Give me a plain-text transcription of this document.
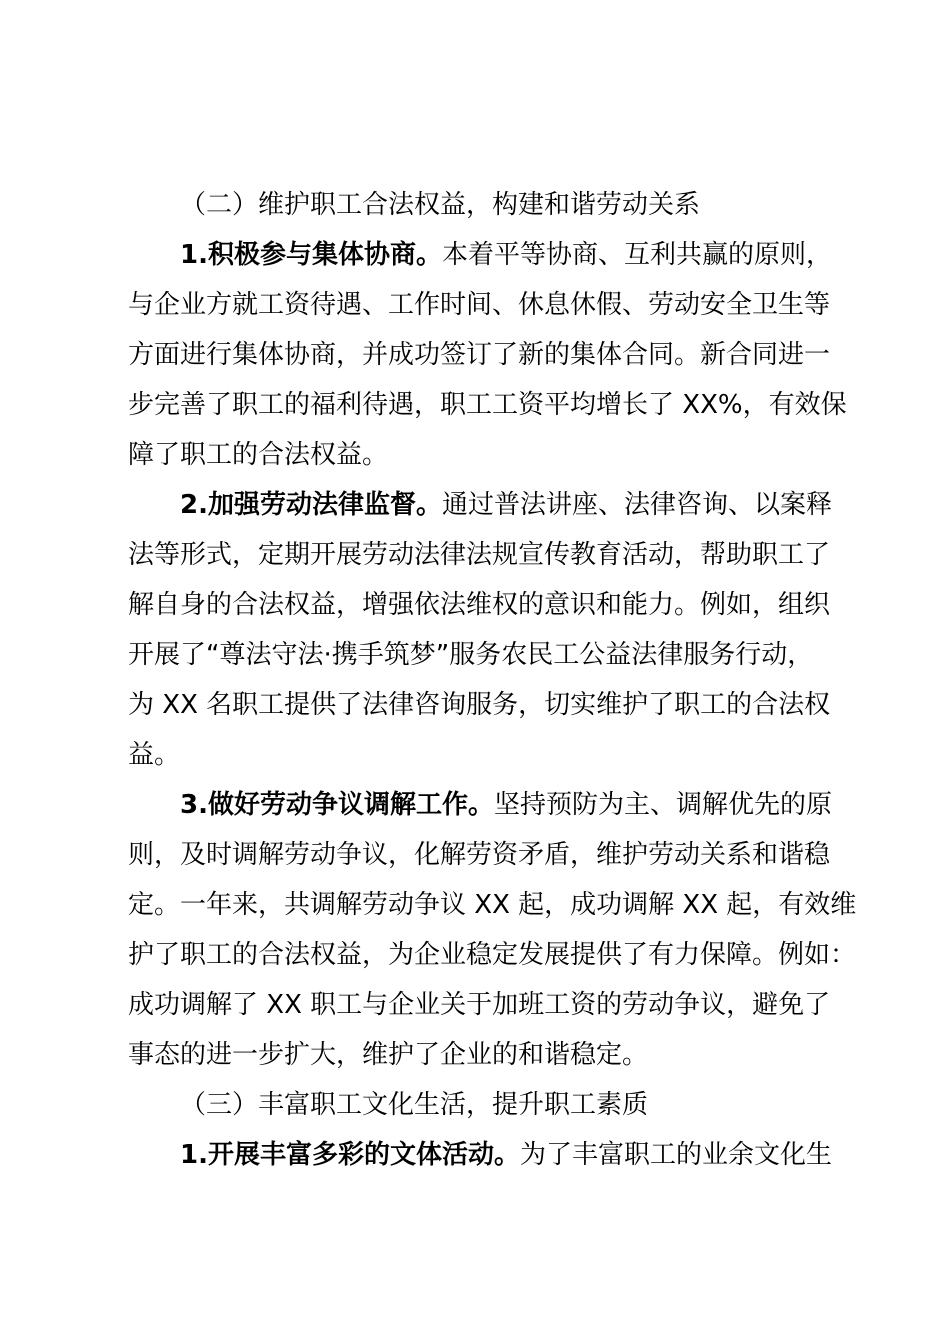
（二）维护职工合法权益，构建和谐劳动关系
1.积极参与集体协商。本着平等协商、互利共赢的原则，
与企业方就工资待遇、工作时间、休息休假、劳动安全卫生等
方面进行集体协商，并成功签订了新的集体合同。新合同进一
步完善了职工的福利待遇，职工工资平均增长了 XX%，有效保
障了职工的合法权益。
2.加强劳动法律监督。通过普法讲座、法律咨询、以案释
法等形式，定期开展劳动法律法规宣传教育活动，帮助职工了
解自身的合法权益，增强依法维权的意识和能力。例如，组织
开展了“尊法守法·携手筑梦”服务农民工公益法律服务行动，
为 XX 名职工提供了法律咨询服务，切实维护了职工的合法权
益。
3.做好劳动争议调解工作。坚持预防为主、调解优先的原
则，及时调解劳动争议，化解劳资矛盾，维护劳动关系和谐稳
定。一年来，共调解劳动争议 XX 起，成功调解 XX 起，有效维
护了职工的合法权益，为企业稳定发展提供了有力保障。例如：
成功调解了 XX 职工与企业关于加班工资的劳动争议，避免了
事态的进一步扩大，维护了企业的和谐稳定。
（三）丰富职工文化生活，提升职工素质
1.开展丰富多彩的文体活动。为了丰富职工的业余文化生
